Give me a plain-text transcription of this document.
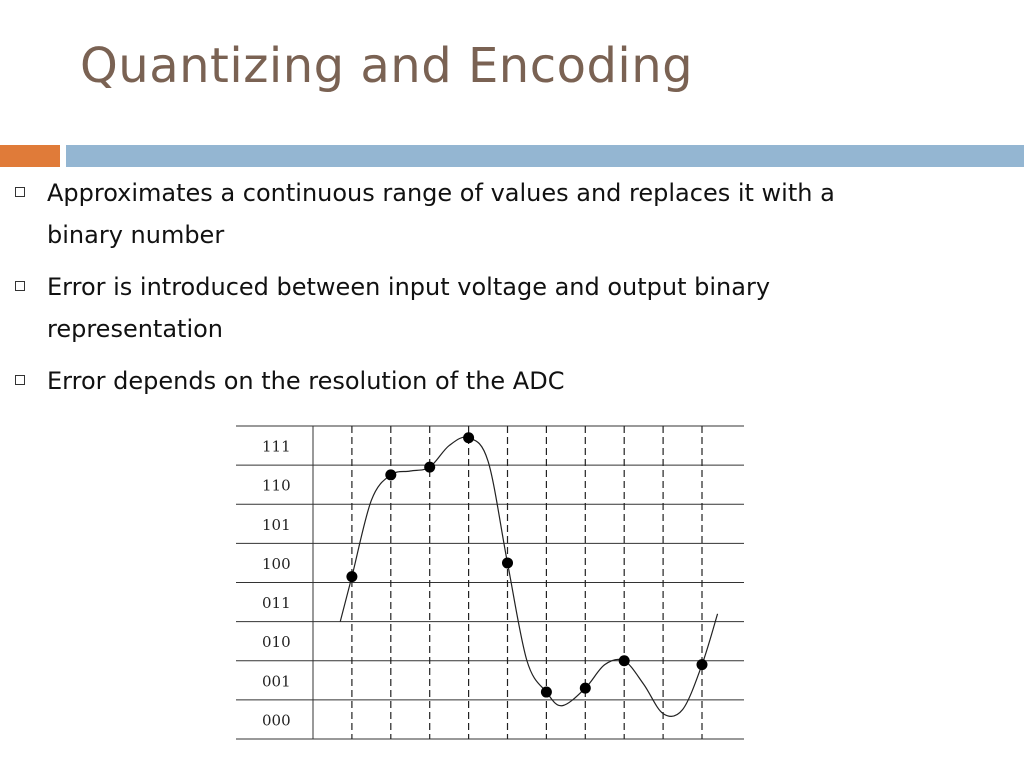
Quantizing and Encoding
Approximates a continuous range of values and replaces it with a binary number
Error is introduced between input voltage and output binary representation
Error depends on the resolution of the ADC
000
001
010
011
100
101
110
111
